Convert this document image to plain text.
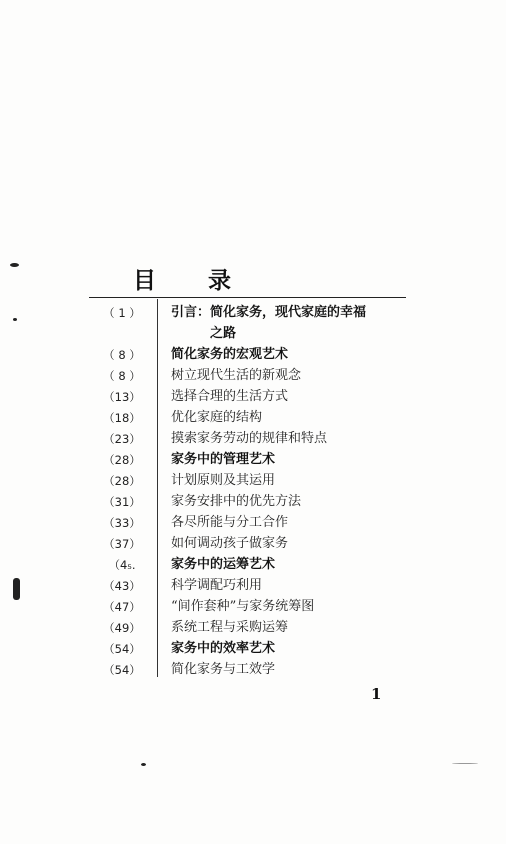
目 录
（ 1 ） 引言：简化家务，现代家庭的幸福
之路
（ 8 ） 简化家务的宏观艺术
（ 8 ） 树立现代生活的新观念
（13） 选择合理的生活方式
（18） 优化家庭的结构
（23） 摸索家务劳动的规律和特点
（28） 家务中的管理艺术
（28） 计划原则及其运用
（31） 家务安排中的优先方法
（33） 各尽所能与分工合作
（37） 如何调动孩子做家务
（4₅.	家务中的运筹艺术
（43） 科学调配巧利用
（47） “间作套种”与家务统筹图
（49） 系统工程与采购运筹
（54） 家务中的效率艺术
（54） 简化家务与工效学
1
